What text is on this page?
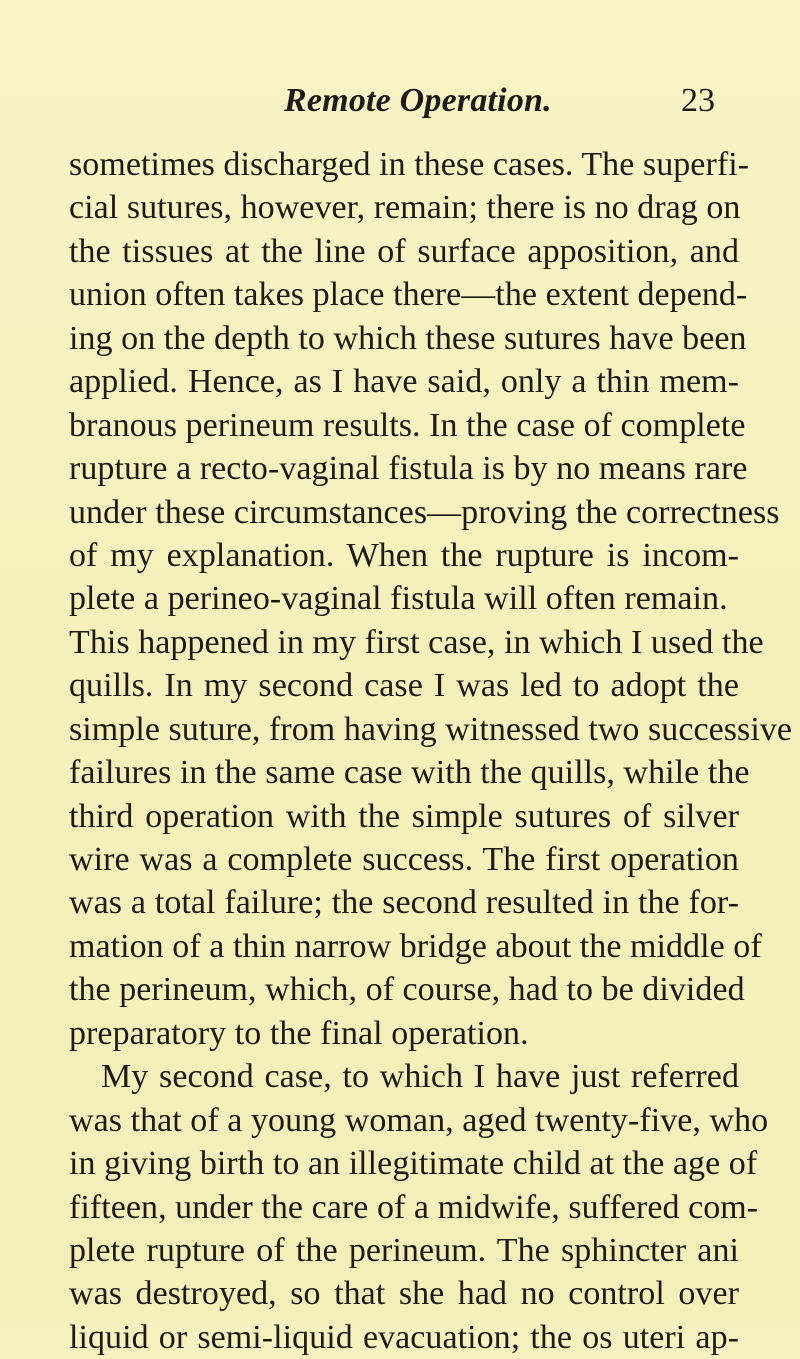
Remote Operation.	23
sometimes discharged in these cases. The superfi-
cial sutures, however, remain; there is no drag on
the tissues at the line of surface apposition, and
union often takes place there—the extent depend-
ing on the depth to which these sutures have been
applied. Hence, as I have said, only a thin mem-
branous perineum results. In the case of complete
rupture a recto-vaginal fistula is by no means rare
under these circumstances—proving the correctness
of my explanation. When the rupture is incom-
plete a perineo-vaginal fistula will often remain.
This happened in my first case, in which I used the
quills. In my second case I was led to adopt the
simple suture, from having witnessed two successive
failures in the same case with the quills, while the
third operation with the simple sutures of silver
wire was a complete success. The first operation
was a total failure; the second resulted in the for-
mation of a thin narrow bridge about the middle of
the perineum, which, of course, had to be divided
preparatory to the final operation.
My second case, to which I have just referred
was that of a young woman, aged twenty-five, who
in giving birth to an illegitimate child at the age of
fifteen, under the care of a midwife, suffered com-
plete rupture of the perineum. The sphincter ani
was destroyed, so that she had no control over
liquid or semi-liquid evacuation; the os uteri ap-
